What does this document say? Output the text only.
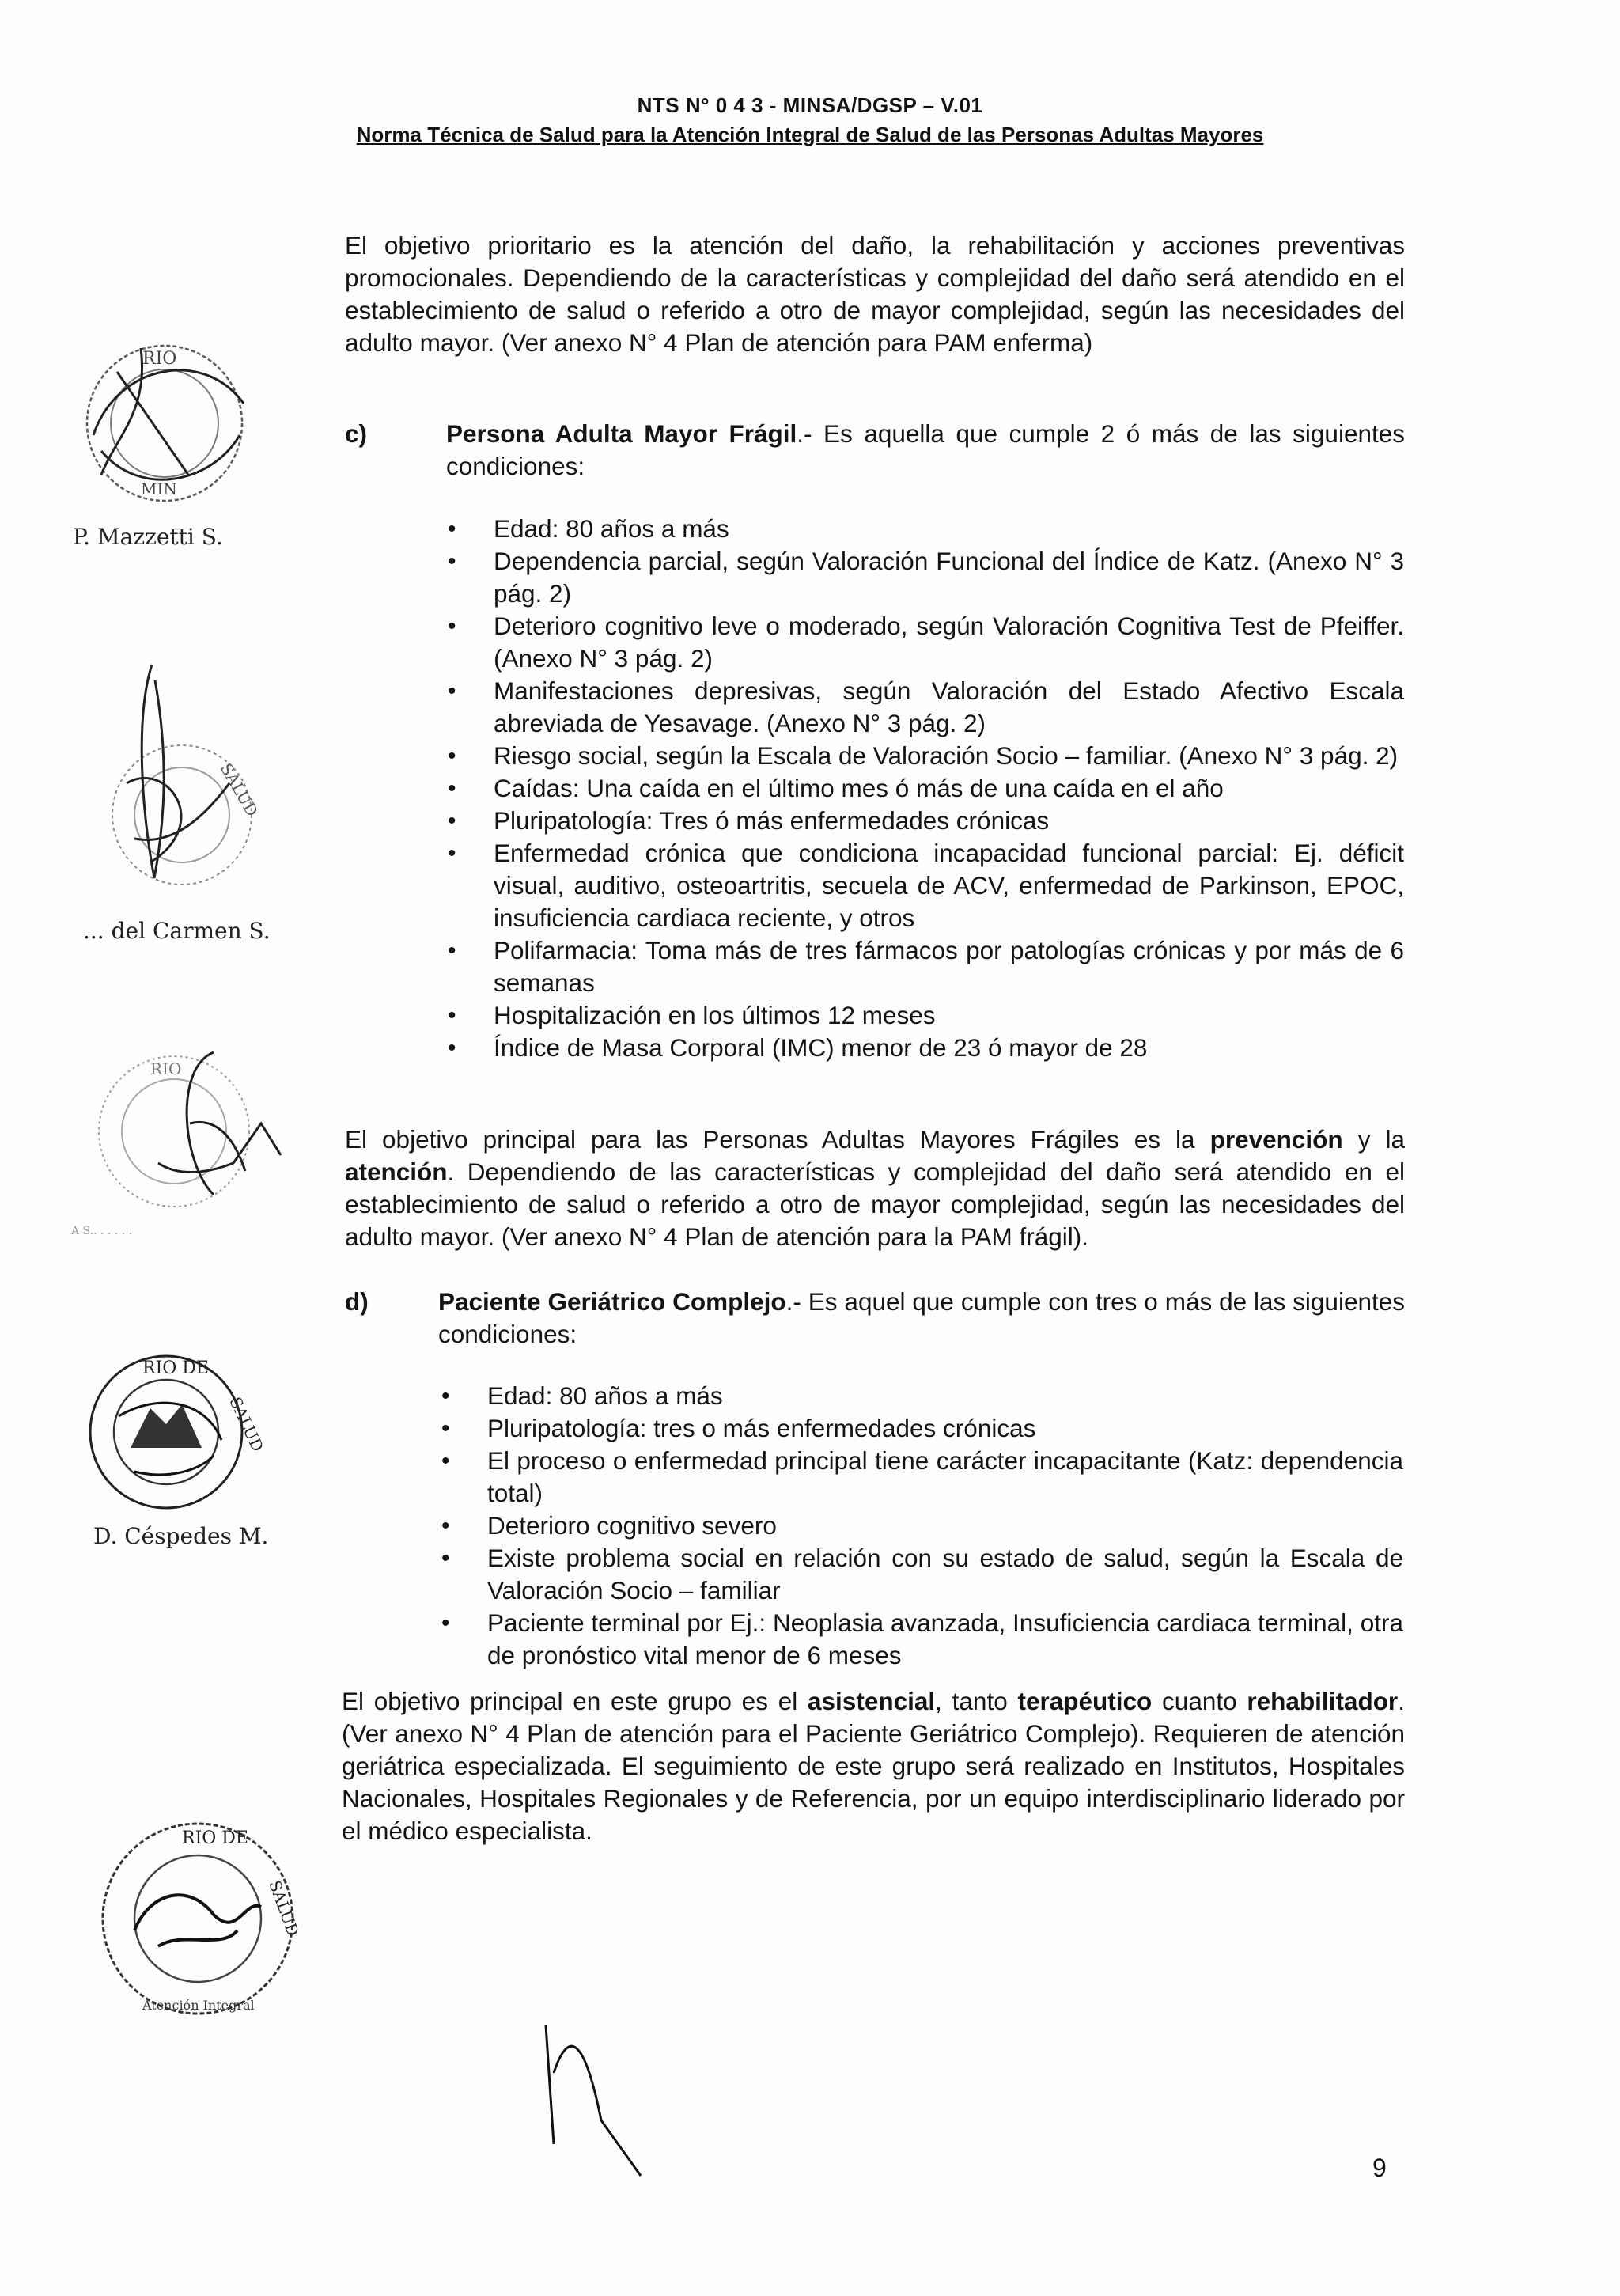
NTS N° 0 4 3 - MINSA/DGSP – V.01
Norma Técnica de Salud para la Atención Integral de Salud de las Personas Adultas Mayores

El objetivo prioritario es la atención del daño, la rehabilitación y acciones preventivas promocionales. Dependiendo de la características y complejidad del daño será atendido en el establecimiento de salud o referido a otro de mayor complejidad, según las necesidades del adulto mayor. (Ver anexo N° 4 Plan de atención para PAM enferma)

c)	Persona Adulta Mayor Frágil.- Es aquella que cumple 2 ó más de las siguientes condiciones:
• Edad: 80 años a más
• Dependencia parcial, según Valoración Funcional del Índice de Katz. (Anexo N° 3 pág. 2)
• Deterioro cognitivo leve o moderado, según Valoración Cognitiva Test de Pfeiffer. (Anexo N° 3 pág. 2)
• Manifestaciones depresivas, según Valoración del Estado Afectivo Escala abreviada de Yesavage. (Anexo N° 3 pág. 2)
• Riesgo social, según la Escala de Valoración Socio – familiar. (Anexo N° 3 pág. 2)
• Caídas: Una caída en el último mes ó más de una caída en el año
• Pluripatología: Tres ó más enfermedades crónicas
• Enfermedad crónica que condiciona incapacidad funcional parcial: Ej. déficit visual, auditivo, osteoartritis, secuela de ACV, enfermedad de Parkinson, EPOC, insuficiencia cardiaca reciente, y otros
• Polifarmacia: Toma más de tres fármacos por patologías crónicas y por más de 6 semanas
• Hospitalización en los últimos 12 meses
• Índice de Masa Corporal (IMC) menor de 23 ó mayor de 28

El objetivo principal para las Personas Adultas Mayores Frágiles es la prevención y la atención. Dependiendo de las características y complejidad del daño será atendido en el establecimiento de salud o referido a otro de mayor complejidad, según las necesidades del adulto mayor. (Ver anexo N° 4 Plan de atención para la PAM frágil).

d)	Paciente Geriátrico Complejo.- Es aquel que cumple con tres o más de las siguientes condiciones:
• Edad: 80 años a más
• Pluripatología: tres o más enfermedades crónicas
• El proceso o enfermedad principal tiene carácter incapacitante (Katz: dependencia total)
• Deterioro cognitivo severo
• Existe problema social en relación con su estado de salud, según la Escala de Valoración Socio – familiar
• Paciente terminal por Ej.: Neoplasia avanzada, Insuficiencia cardiaca terminal, otra de pronóstico vital menor de 6 meses

El objetivo principal en este grupo es el asistencial, tanto terapéutico cuanto rehabilitador. (Ver anexo N° 4 Plan de atención para el Paciente Geriátrico Complejo). Requieren de atención geriátrica especializada. El seguimiento de este grupo será realizado en Institutos, Hospitales Nacionales, Hospitales Regionales y de Referencia, por un equipo interdisciplinario liderado por el médico especialista.

RIO
MIN
P. Mazzetti S.
SALUD
... del Carmen S.
RIO
A S.. . . . . .
RIO DE
SALUD
D. Céspedes M.
RIO DE
SALUD
Atención Integral
9
